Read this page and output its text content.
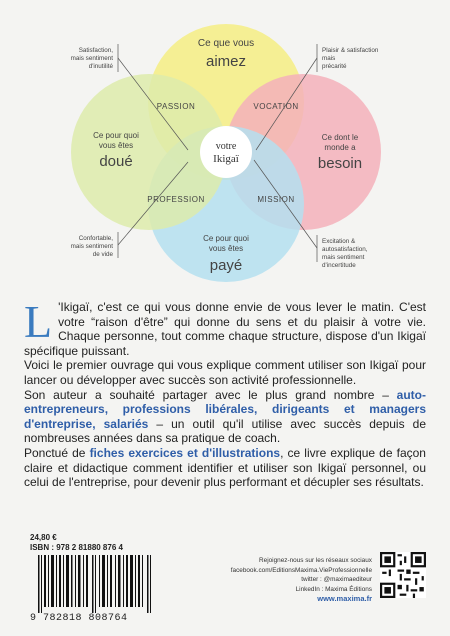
Ce que vous
aimez
Ce dont le
monde a
besoin
Ce pour quoi
vous êtes
payé
Ce pour quoi
vous êtes
doué
votre
Ikigaï
PASSION	VOCATION
PROFESSION	MISSION
Satisfaction,
mais sentiment
d'inutilité
Plaisir & satisfaction
mais
précarité
Confortable,
mais sentiment
de vide
Excitation &
autosatisfaction,
mais sentiment
d'incertitude

L 'Ikigaï, c'est ce qui vous donne envie de vous lever le matin. C'est votre “raison d'être” qui donne du sens et du plaisir à votre vie. Chaque personne, tout comme chaque structure, dispose d'un Ikigaï spécifique puissant.

Voici le premier ouvrage qui vous explique comment utiliser son Ikigaï pour lancer ou développer avec succès son activité professionnelle.

Son auteur a souhaité partager avec le plus grand nombre – auto-entrepreneurs, professions libérales, dirigeants et managers d'entreprise, salariés – un outil qu'il utilise avec succès depuis de nombreuses années dans sa pratique de coach.

Ponctué de fiches exercices et d'illustrations, ce livre explique de façon claire et didactique comment identifier et utiliser son Ikigaï personnel, ou celui de l'entreprise, pour devenir plus performant et décupler ses résultats.

24,80 €
ISBN : 978 2 81880 876 4
9 782818 808764
Rejoignez-nous sur les réseaux sociaux
facebook.com/EditionsMaxima.VieProfessionnelle
twitter : @maximaediteur
LinkedIn : Maxima Éditions
www.maxima.fr
